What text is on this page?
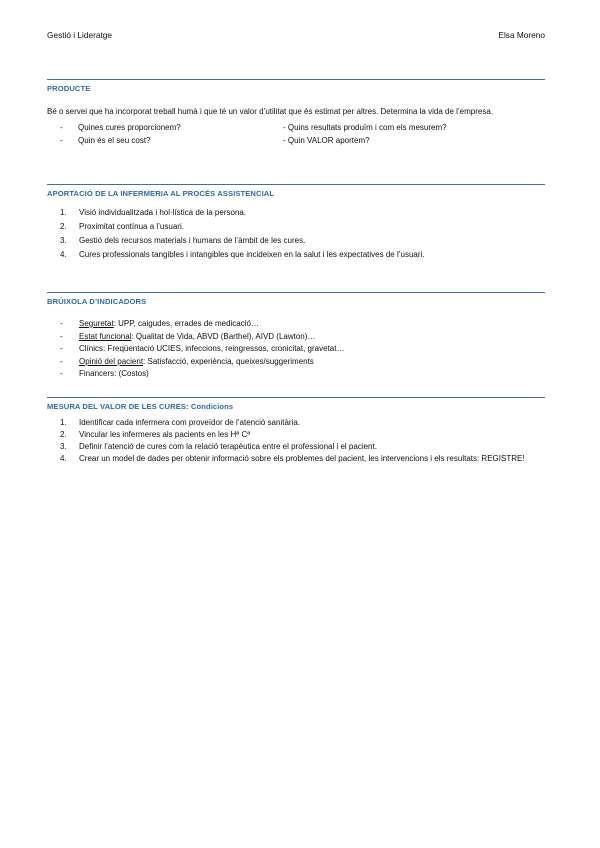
Gestió i Lideratge	Elsa Moreno
PRODUCTE
Bé o servei que ha incorporat treball humà i que té un valor d’utilitat que és estimat per altres. Determina la vida de l’empresa.
- Quines cures proporcionem?	- Quins resultats produïm i com els mesurem?
- Quin és el seu cost?	- Quin VALOR aportem?
APORTACIÓ DE LA INFERMERIA AL PROCÉS ASSISTENCIAL
1. Visió individualitzada i hol·lística de la persona.
2. Proximitat contínua a l’usuari.
3. Gestió dels recursos materials i humans de l’àmbit de les cures.
4. Cures professionals tangibles i intangibles que incideixen en la salut i les expectatives de l’usuari.
BRÚIXOLA D’INDICADORS
- Seguretat: UPP, caigudes, errades de medicació…
- Estat funcional: Qualitat de Vida, ABVD (Barthel), AIVD (Lawton)…
- Clínics: Freqüentació UCIES, infeccions, reingressos, cronicitat, gravetat…
- Opinió del pacient: Satisfacció, experiència, queixes/suggeriments
- Financers: (Costos)
MESURA DEL VALOR DE LES CURES: Condicions
1. Identificar cada infermera com proveïdor de l’atenció sanitària.
2. Vincular les infermeres als pacients en les Hª Cª
3. Definir l’atenció de cures com la relació terapèutica entre el professional i el pacient.
4. Crear un model de dades per obtenir informació sobre els problemes del pacient, les intervencions i els resultats: REGISTRE!
